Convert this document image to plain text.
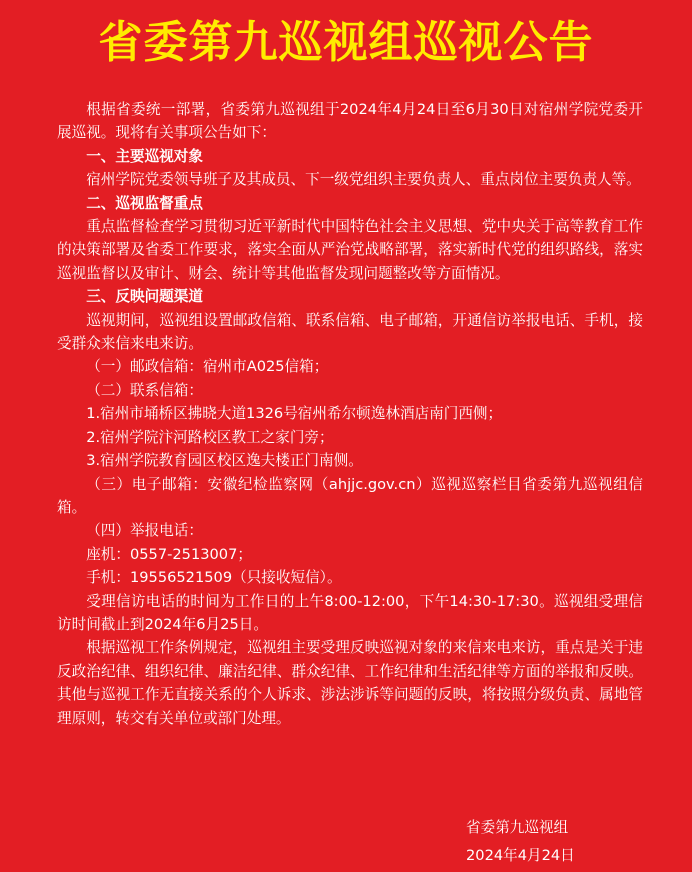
省委第九巡视组巡视公告

根据省委统一部署，省委第九巡视组于2024年4月24日至6月30日对宿州学院党委开展巡视。现将有关事项公告如下：

一、主要巡视对象

宿州学院党委领导班子及其成员、下一级党组织主要负责人、重点岗位主要负责人等。

二、巡视监督重点

重点监督检查学习贯彻习近平新时代中国特色社会主义思想、党中央关于高等教育工作的决策部署及省委工作要求，落实全面从严治党战略部署，落实新时代党的组织路线，落实巡视监督以及审计、财会、统计等其他监督发现问题整改等方面情况。

三、反映问题渠道

巡视期间，巡视组设置邮政信箱、联系信箱、电子邮箱，开通信访举报电话、手机，接受群众来信来电来访。

（一）邮政信箱：宿州市A025信箱；

（二）联系信箱：

1.宿州市埇桥区拂晓大道1326号宿州希尔顿逸林酒店南门西侧；

2.宿州学院汴河路校区教工之家门旁；

3.宿州学院教育园区校区逸夫楼正门南侧。

（三）电子邮箱：安徽纪检监察网（ahjjc.gov.cn）巡视巡察栏目省委第九巡视组信箱。

（四）举报电话：

座机：0557-2513007；

手机：19556521509（只接收短信）。

受理信访电话的时间为工作日的上午8:00-12:00，下午14:30-17:30。巡视组受理信访时间截止到2024年6月25日。

根据巡视工作条例规定，巡视组主要受理反映巡视对象的来信来电来访，重点是关于违反政治纪律、组织纪律、廉洁纪律、群众纪律、工作纪律和生活纪律等方面的举报和反映。其他与巡视工作无直接关系的个人诉求、涉法涉诉等问题的反映，将按照分级负责、属地管理原则，转交有关单位或部门处理。

省委第九巡视组
2024年4月24日
